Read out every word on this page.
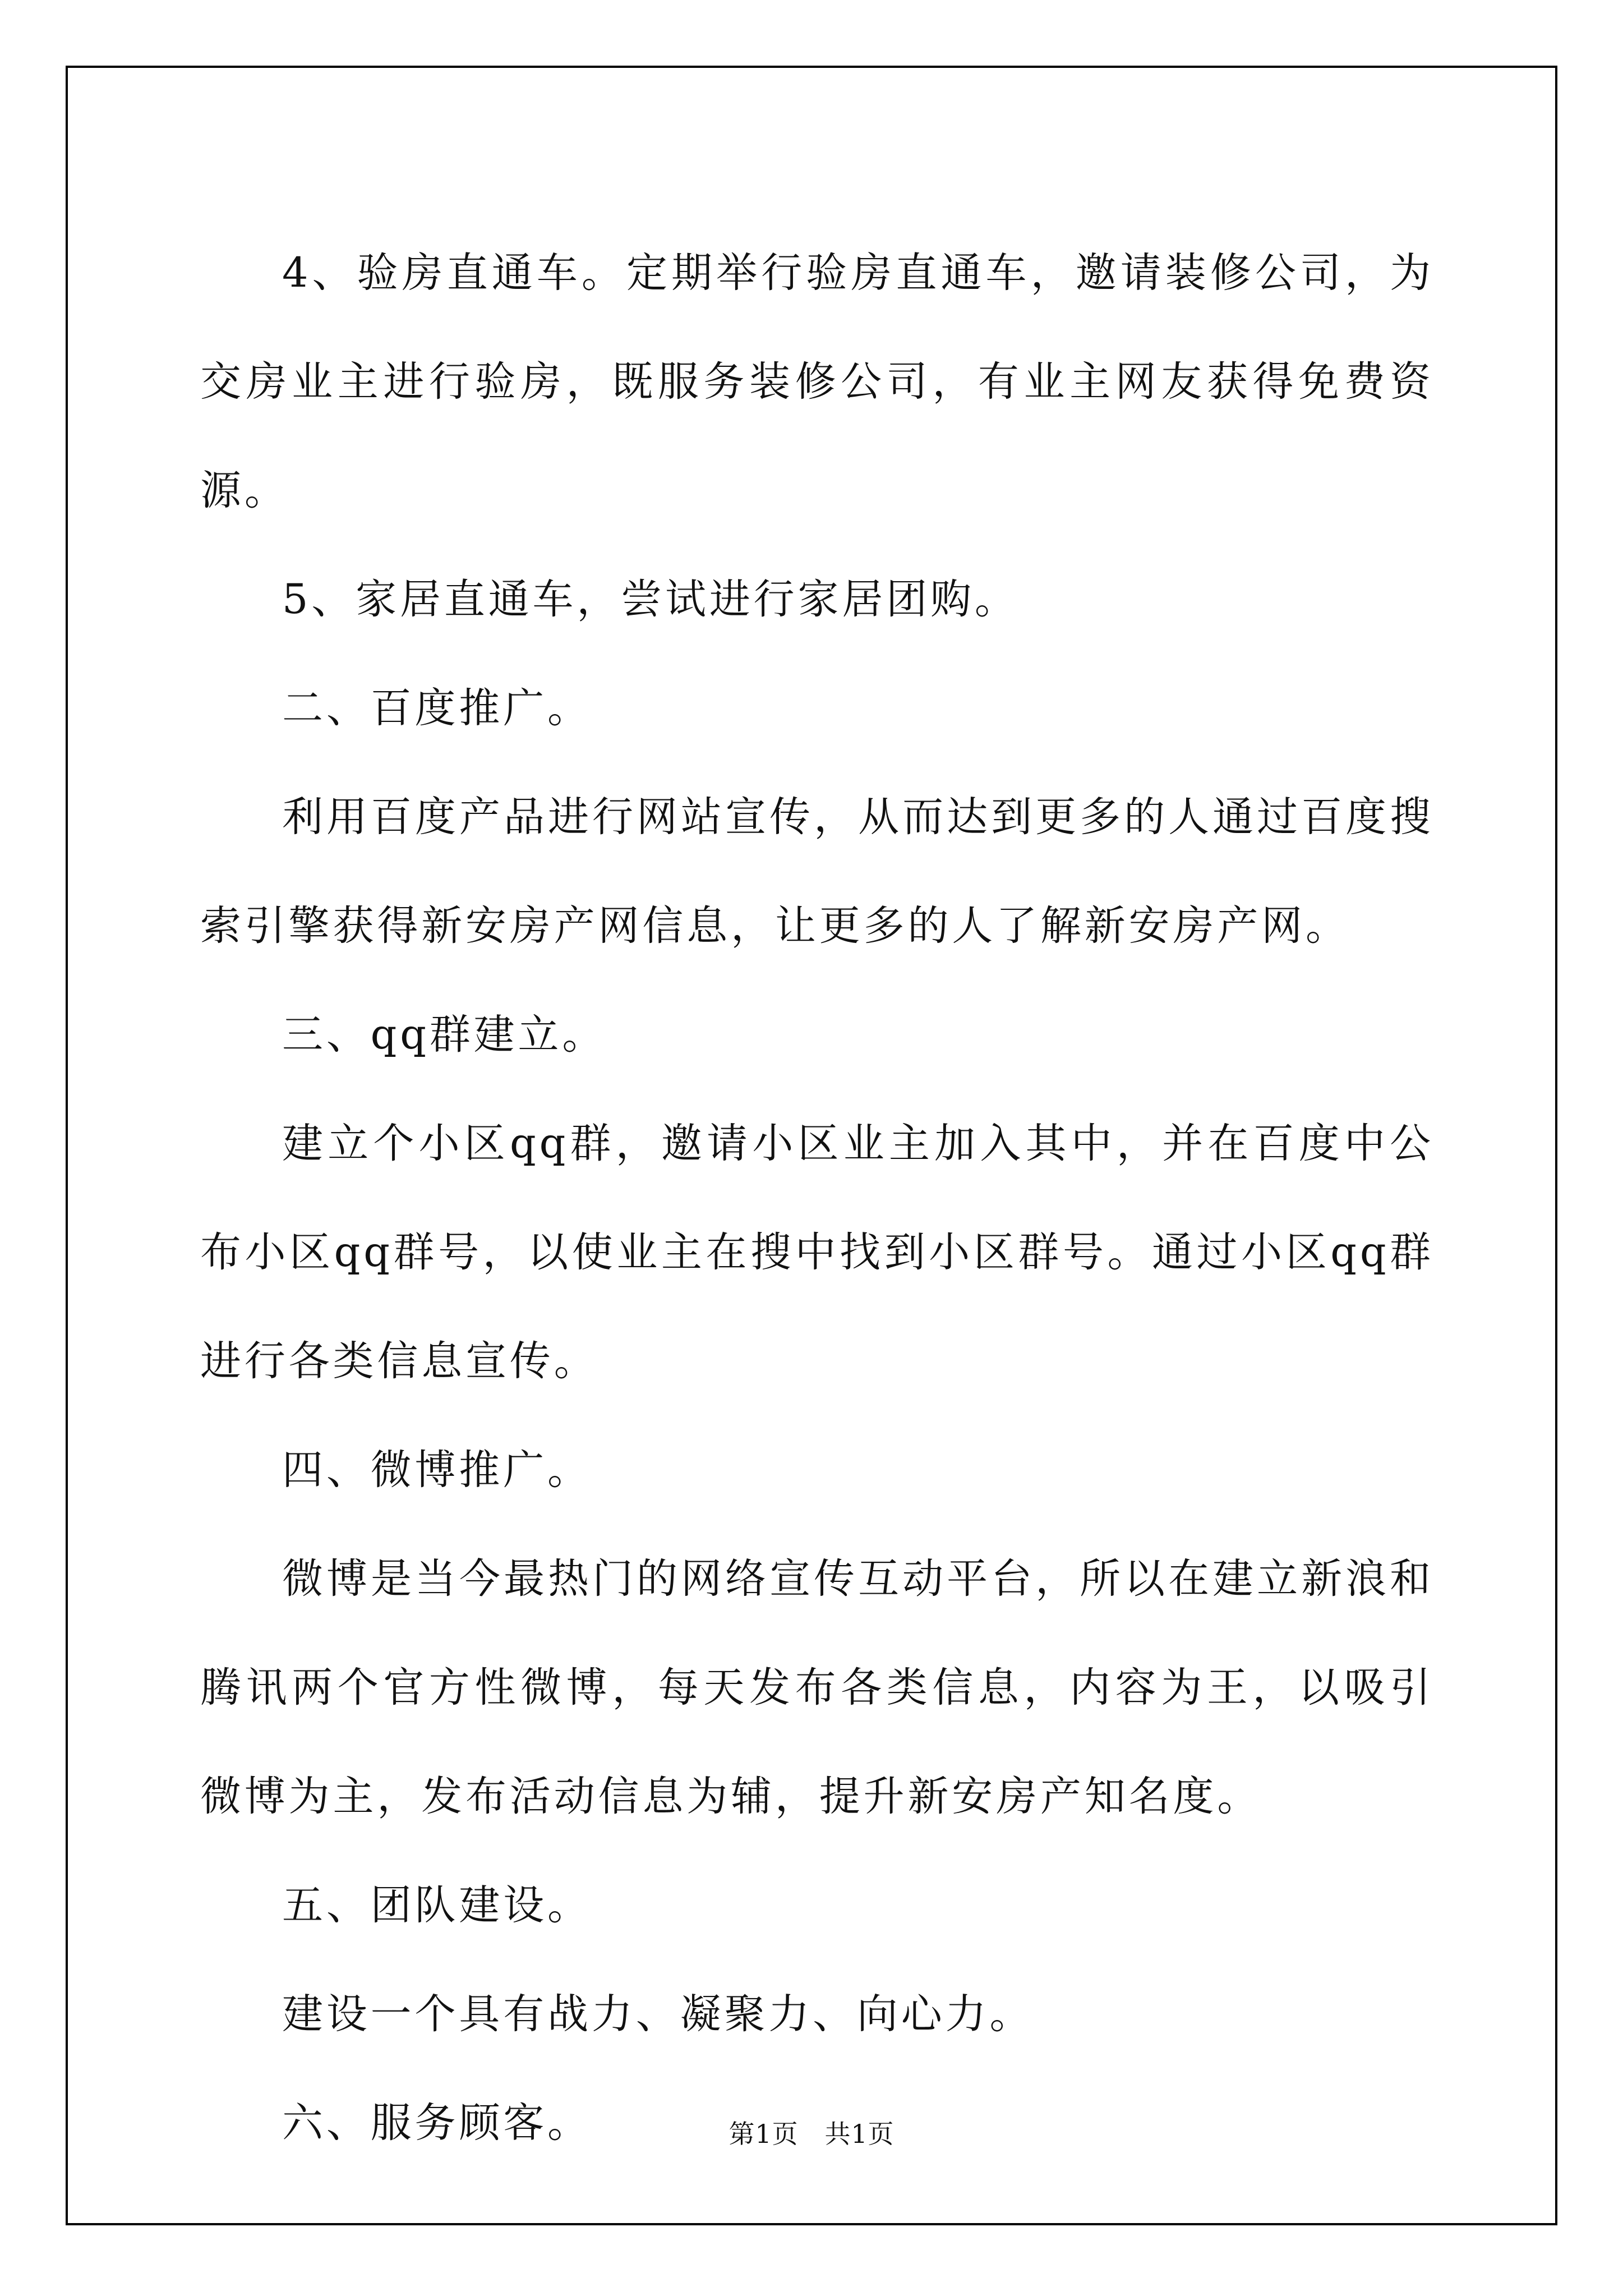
4、验房直通车。定期举行验房直通车，邀请装修公司，为交房业主进行验房，既服务装修公司，有业主网友获得免费资源。

5、家居直通车，尝试进行家居团购。

二、百度推广。

利用百度产品进行网站宣传，从而达到更多的人通过百度搜索引擎获得新安房产网信息，让更多的人了解新安房产网。

三、qq群建立。

建立个小区qq群，邀请小区业主加入其中，并在百度中公布小区qq群号，以使业主在搜中找到小区群号。通过小区qq群进行各类信息宣传。

四、微博推广。

微博是当今最热门的网络宣传互动平台，所以在建立新浪和腾讯两个官方性微博，每天发布各类信息，内容为王，以吸引微博为主，发布活动信息为辅，提升新安房产知名度。

五、团队建设。

建设一个具有战力、凝聚力、向心力。

六、服务顾客。	第1页　共1页
